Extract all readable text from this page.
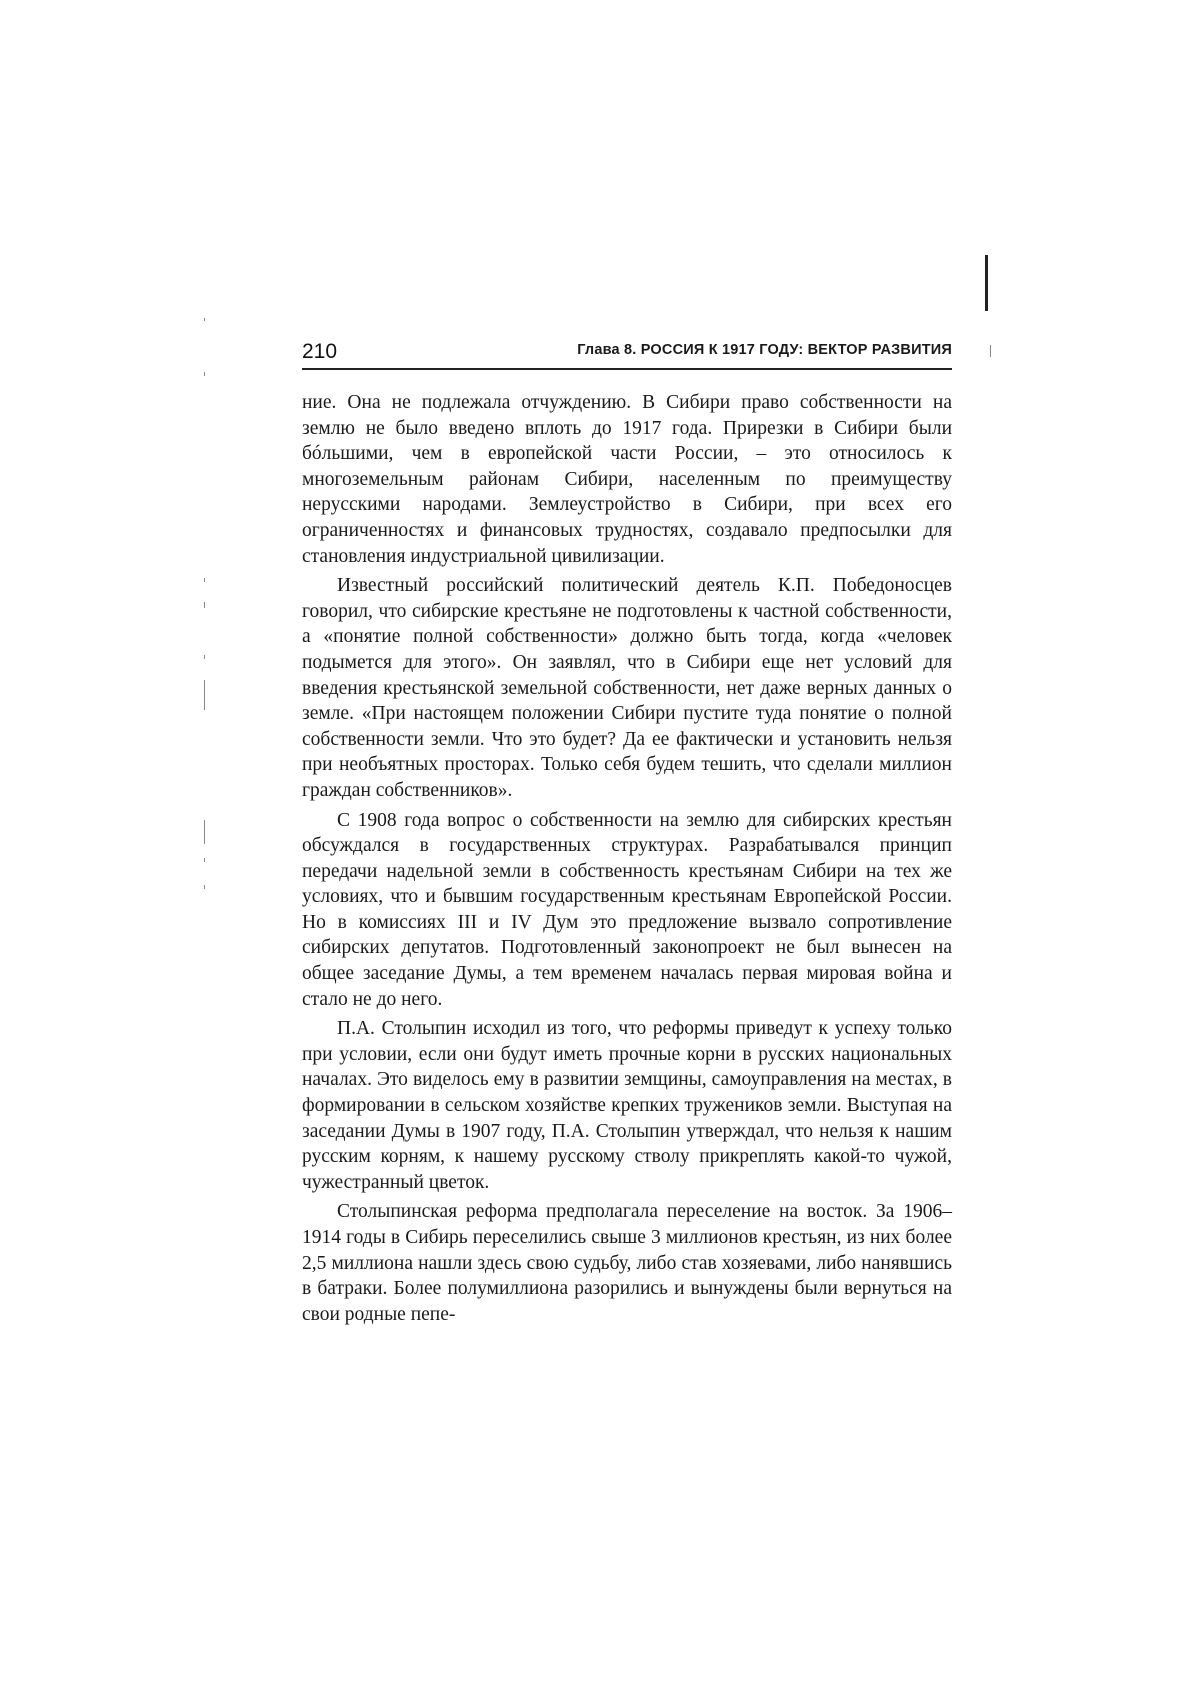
210	Глава 8. РОССИЯ К 1917 ГОДУ: ВЕКТОР РАЗВИТИЯ

ние. Она не подлежала отчуждению. В Сибири право собственности на землю не было введено вплоть до 1917 года. Прирезки в Сибири были бóльшими, чем в европейской части России, – это относилось к многоземельным районам Сибири, населенным по преимуществу нерусскими народами. Землеустройство в Сибири, при всех его ограниченностях и финансовых трудностях, создавало предпосылки для становления индустриальной цивилизации.

Известный российский политический деятель К.П. Победоносцев говорил, что сибирские крестьяне не подготовлены к частной собственности, а «понятие полной собственности» должно быть тогда, когда «человек подымется для этого». Он заявлял, что в Сибири еще нет условий для введения крестьянской земельной собственности, нет даже верных данных о земле. «При настоящем положении Сибири пустите туда понятие о полной собственности земли. Что это будет? Да ее фактически и установить нельзя при необъятных просторах. Только себя будем тешить, что сделали миллион граждан собственников».

С 1908 года вопрос о собственности на землю для сибирских крестьян обсуждался в государственных структурах. Разрабатывался принцип передачи надельной земли в собственность крестьянам Сибири на тех же условиях, что и бывшим государственным крестьянам Европейской России. Но в комиссиях III и IV Дум это предложение вызвало сопротивление сибирских депутатов. Подготовленный законопроект не был вынесен на общее заседание Думы, а тем временем началась первая мировая война и стало не до него.

П.А. Столыпин исходил из того, что реформы приведут к успеху только при условии, если они будут иметь прочные корни в русских национальных началах. Это виделось ему в развитии земщины, самоуправления на местах, в формировании в сельском хозяйстве крепких тружеников земли. Выступая на заседании Думы в 1907 году, П.А. Столыпин утверждал, что нельзя к нашим русским корням, к нашему русскому стволу прикреплять какой-то чужой, чужестранный цветок.

Столыпинская реформа предполагала переселение на восток. За 1906–1914 годы в Сибирь переселились свыше 3 миллионов крестьян, из них более 2,5 миллиона нашли здесь свою судьбу, либо став хозяевами, либо нанявшись в батраки. Более полумиллиона разорились и вынуждены были вернуться на свои родные пепе-
